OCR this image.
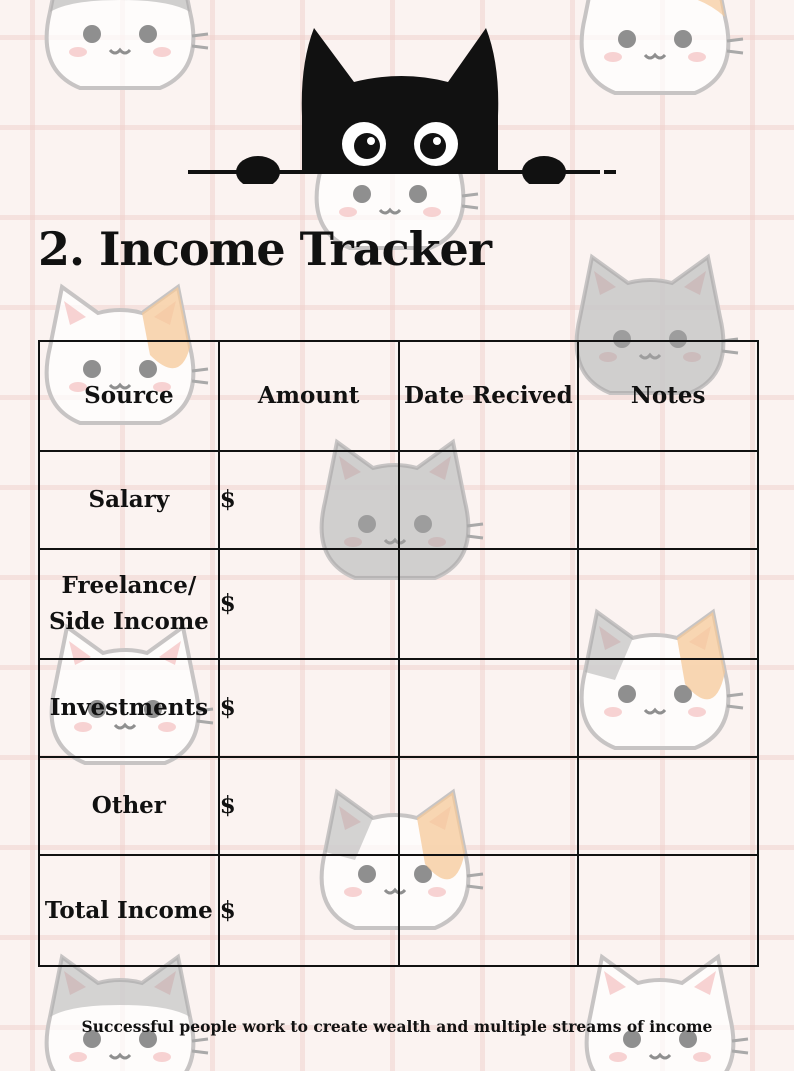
2. Income Tracker
Source	Amount	Date Recived	Notes
Salary	$		
Freelance/ Side Income	$		
Investments	$		
Other	$		
Total Income	$		
Successful people work to create wealth and multiple streams of income
